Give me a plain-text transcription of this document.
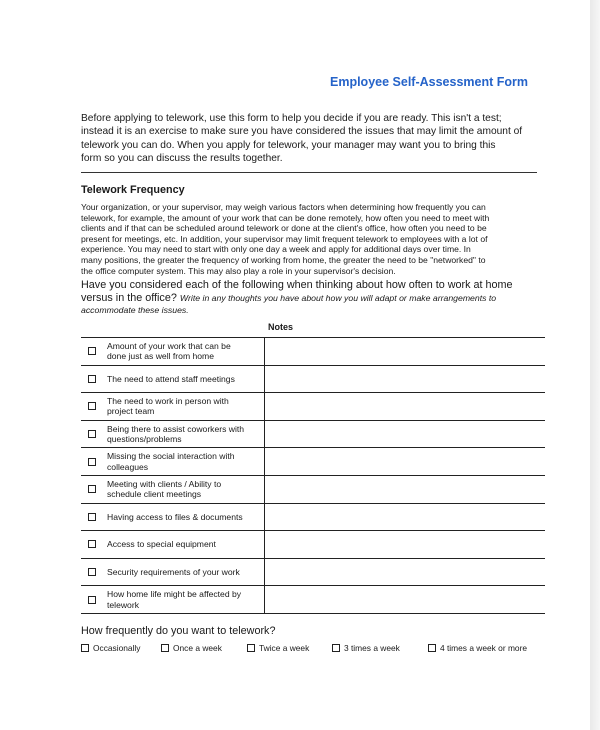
Employee Self-Assessment Form

Before applying to telework, use this form to help you decide if you are ready. This isn't a test;
instead it is an exercise to make sure you have considered the issues that may limit the amount of
telework you can do. When you apply for telework, your manager may want you to bring this
form so you can discuss the results together.

Telework Frequency

Your organization, or your supervisor, may weigh various factors when determining how frequently you can
telework, for example, the amount of your work that can be done remotely, how often you need to meet with
clients and if that can be scheduled around telework or done at the client's office, how often you need to be
present for meetings, etc. In addition, your supervisor may limit frequent telework to employees with a lot of
experience. You may need to start with only one day a week and apply for additional days over time. In
many positions, the greater the frequency of working from home, the greater the need to be "networked" to
the office computer system. This may also play a role in your supervisor's decision.

Have you considered each of the following when thinking about how often to work at home
versus in the office? Write in any thoughts you have about how you will adapt or make arrangements to
accommodate these issues.

Notes
Amount of your work that can be
done just as well from home	

The need to attend staff meetings	

The need to work in person with
project team	

Being there to assist coworkers with
questions/problems	

Missing the social interaction with
colleagues	

Meeting with clients / Ability to
schedule client meetings	

Having access to files & documents	

Access to special equipment	

Security requirements of your work	

How home life might be affected by
telework	

How frequently do you want to telework?
Occasionally	Once a week	Twice a week	3 times a week	4 times a week or more
